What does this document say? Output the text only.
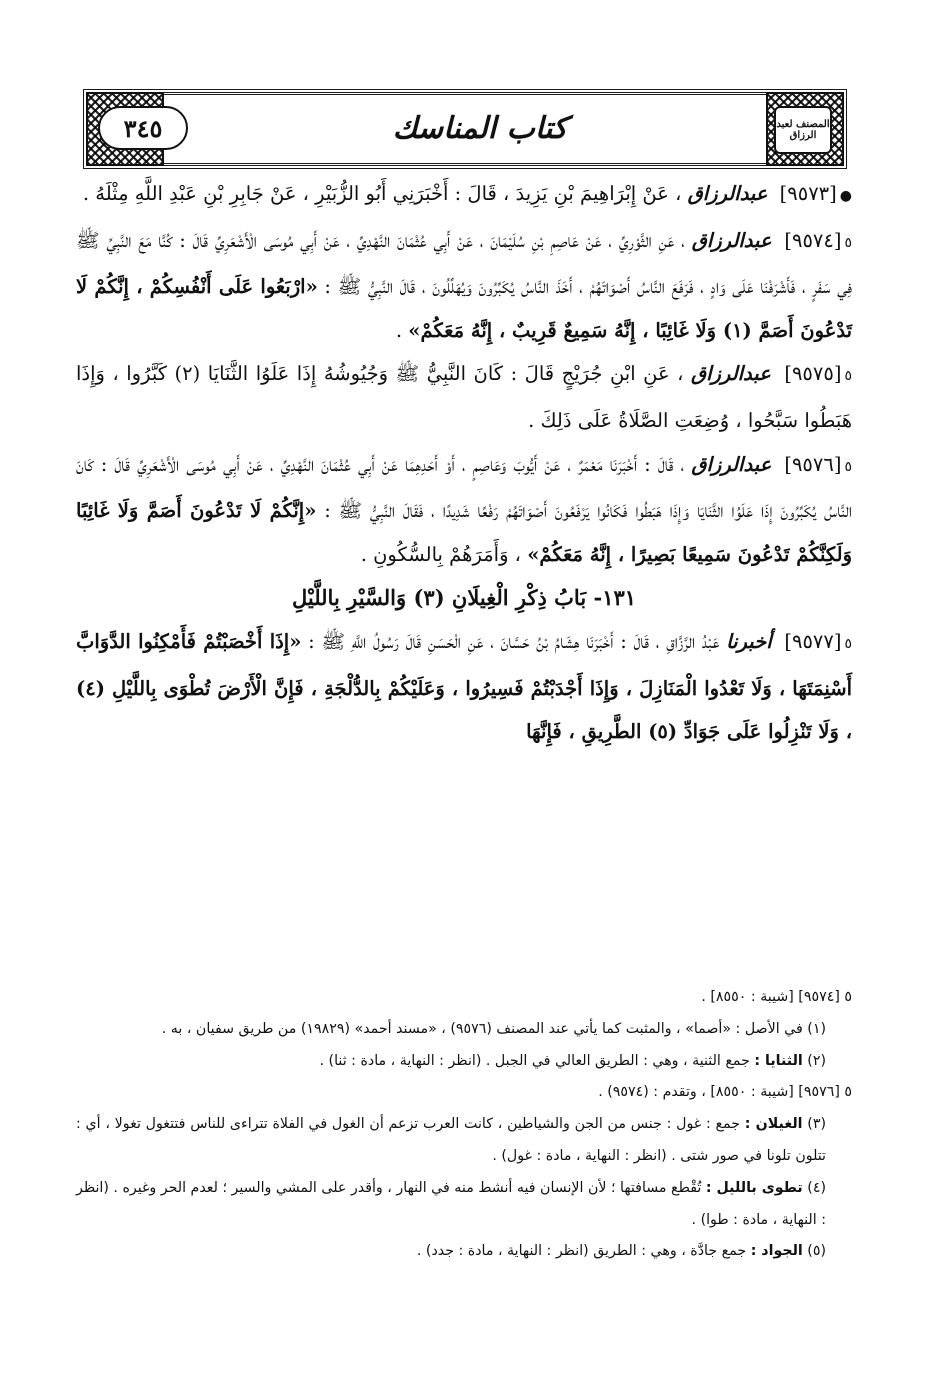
المصنف لعبد الرزاق
٣٤٥	كتاب المناسك

●[٩٥٧٣] عبدالرزاق ، عَنْ إِبْرَاهِيمَ بْنِ يَزِيدَ ، قَالَ : أَخْبَرَنِي أَبُو الزُّبَيْرِ ، عَنْ جَابِرِ بْنِ عَبْدِ اللَّهِ مِثْلَهُ .

٥[٩٥٧٤] عبدالرزاق ، عَنِ الثَّوْرِيِّ ، عَنْ عَاصِمِ بْنِ سُلَيْمَانَ ، عَنْ أَبِي عُثْمَانَ النَّهْدِيِّ ، عَنْ أَبِي مُوسَى الْأَشْعَرِيِّ قَالَ : كُنَّا مَعَ النَّبِيِّ ﷺ فِي سَفَرٍ ، فَأَشْرَفْنَا عَلَى وَادٍ ، فَرَفَعَ النَّاسُ أَصْوَاتَهُمْ ، أَخَذَ النَّاسُ يُكَبِّرُونَ وَيُهَلِّلُونَ ، قَالَ النَّبِيُّ ﷺ : «ارْبَعُوا عَلَى أَنْفُسِكُمْ ، إِنَّكُمْ لَا تَدْعُونَ أَصَمَّ (١) وَلَا غَائِبًا ، إِنَّهُ سَمِيعٌ قَرِيبٌ ، إِنَّهُ مَعَكُمْ» .

٥[٩٥٧٥] عبدالرزاق ، عَنِ ابْنِ جُرَيْجٍ قَالَ : كَانَ النَّبِيُّ ﷺ وَجُيُوشُهُ إِذَا عَلَوُا الثَّنَايَا (٢) كَبَّرُوا ، وَإِذَا هَبَطُوا سَبَّحُوا ، وُضِعَتِ الصَّلَاةُ عَلَى ذَلِكَ .

٥[٩٥٧٦] عبدالرزاق ، قَالَ : أَخْبَرَنَا مَعْمَرٌ ، عَنْ أَيُّوبَ وَعَاصِمٍ ، أَوْ أَحَدِهِمَا عَنْ أَبِي عُثْمَانَ النَّهْدِيِّ ، عَنْ أَبِي مُوسَى الْأَشْعَرِيِّ قَالَ : كَانَ النَّاسُ يُكَبِّرُونَ إِذَا عَلَوُا الثَّنَايَا وَإِذَا هَبَطُوا فَكَانُوا يَرْفَعُونَ أَصْوَاتَهُمْ رَفْعًا شَدِيدًا ، فَقَالَ النَّبِيُّ ﷺ : «إِنَّكُمْ لَا تَدْعُونَ أَصَمَّ وَلَا غَائِبًا وَلَكِنَّكُمْ تَدْعُونَ سَمِيعًا بَصِيرًا ، إِنَّهُ مَعَكُمْ» ، وَأَمَرَهُمْ بِالسُّكُونِ .

١٣١- بَابُ ذِكْرِ الْغِيلَانِ (٣) وَالسَّيْرِ بِاللَّيْلِ

٥[٩٥٧٧] أخبرنا عَبْدُ الرَّزَّاقِ ، قَالَ : أَخْبَرَنَا هِشَامُ بْنُ حَسَّانَ ، عَنِ الْحَسَنِ قَالَ رَسُولُ اللَّهِ ﷺ : «إِذَا أَخْصَبْتُمْ فَأَمْكِنُوا الدَّوَابَّ أَسْنِمَتَهَا ، وَلَا تَعْدُوا الْمَنَازِلَ ، وَإِذَا أَجْدَبْتُمْ فَسِيرُوا ، وَعَلَيْكُمْ بِالدُّلْجَةِ ، فَإِنَّ الْأَرْضَ تُطْوَى بِاللَّيْلِ (٤) ، وَلَا تَنْزِلُوا عَلَى جَوَادِّ (٥) الطَّرِيقِ ، فَإِنَّهَا

٥ [٩٥٧٤] [شيبة : ٨٥٥٠] .

(١) في الأصل : «أصما» ، والمثبت كما يأتي عند المصنف (٩٥٧٦) ، «مسند أحمد» (١٩٨٢٩) من طريق سفيان ، به .

(٢) الثنايا : جمع الثنية ، وهي : الطريق العالي في الجبل . (انظر : النهاية ، مادة : ثنا) .

٥ [٩٥٧٦] [شيبة : ٨٥٥٠] ، وتقدم : (٩٥٧٤) .

(٣) الغيلان : جمع : غول : جنس من الجن والشياطين ، كانت العرب تزعم أن الغول في الفلاة تتراءى للناس فتتغول تغولا ، أي : تتلون تلونا في صور شتى . (انظر : النهاية ، مادة : غول) .

(٤) تطوى بالليل : تُقْطع مسافتها ؛ لأن الإنسان فيه أنشط منه في النهار ، وأقدر على المشي والسير ؛ لعدم الحر وغيره . (انظر : النهاية ، مادة : طوا) .

(٥) الجواد : جمع جادَّة ، وهي : الطريق (انظر : النهاية ، مادة : جدد) .
